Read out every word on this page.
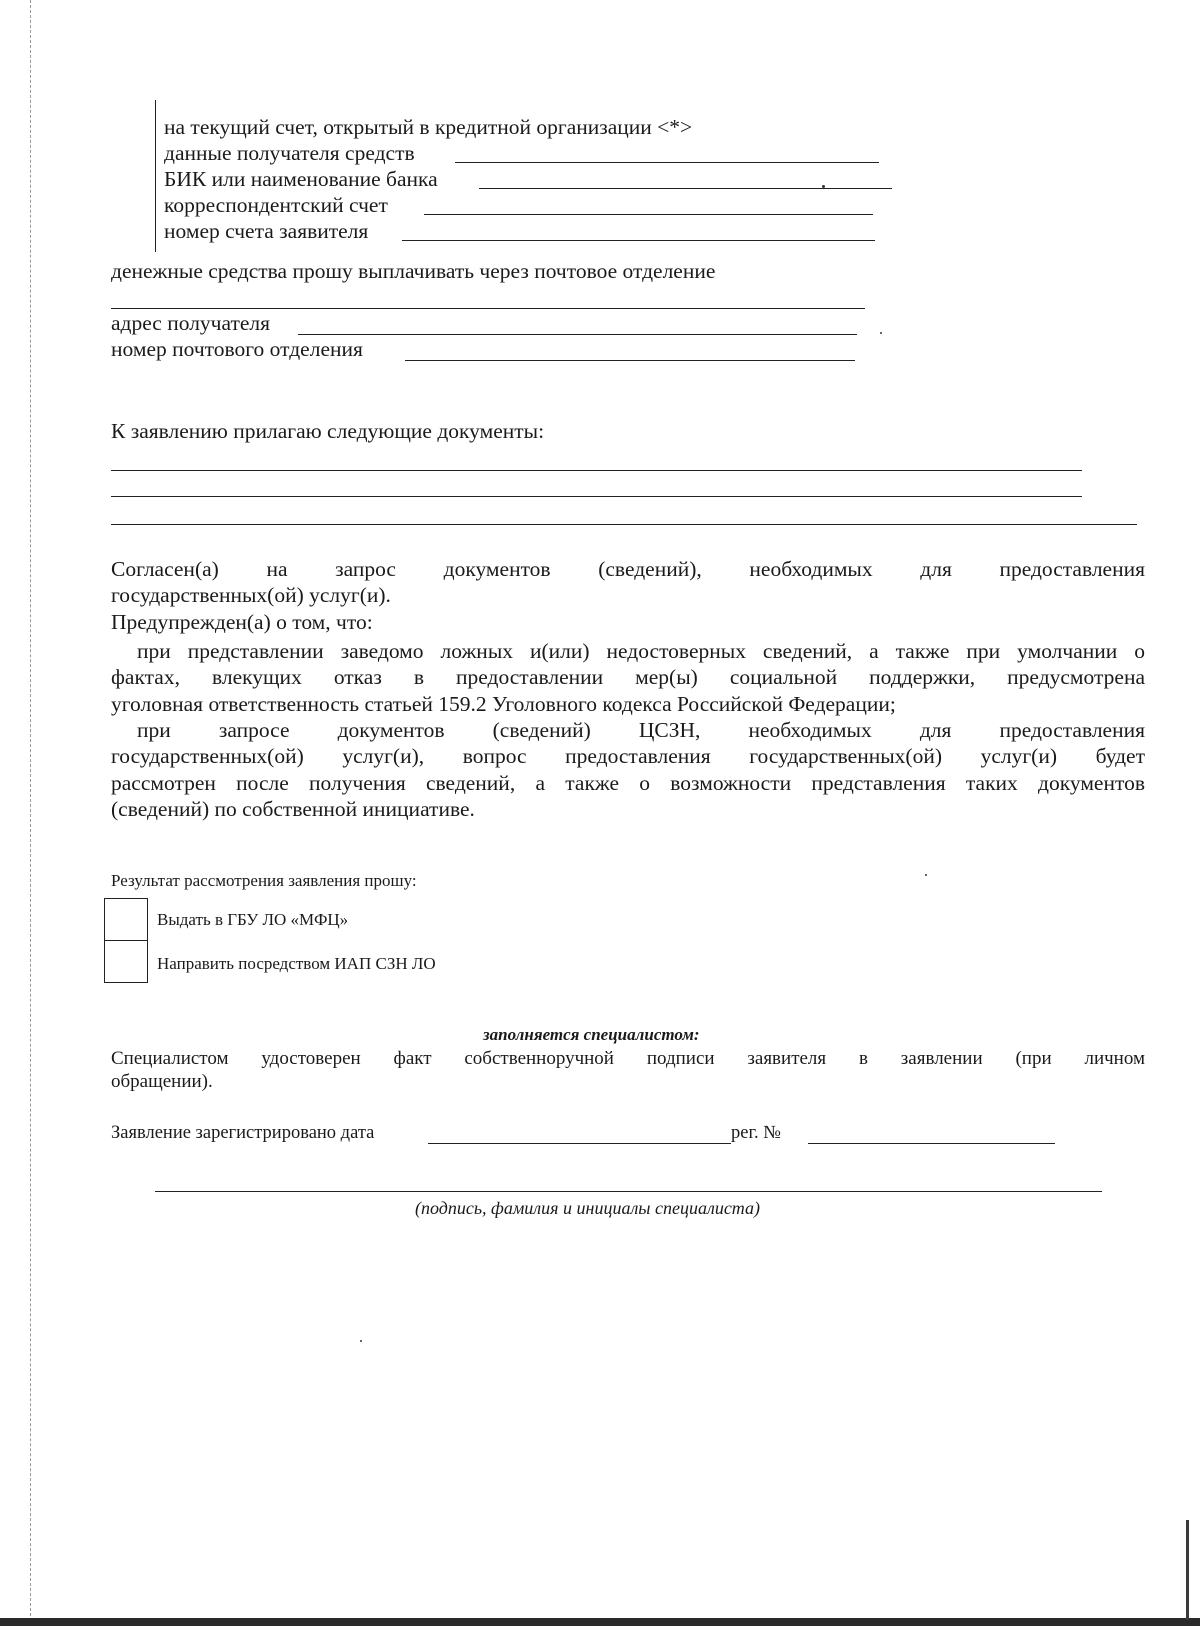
на текущий счет, открытый в кредитной организации <*>
данные получателя средств
БИК или наименование банка
корреспондентский счет
номер счета заявителя
денежные средства прошу выплачивать через почтовое отделение
адрес получателя
номер почтового отделения
К заявлению прилагаю следующие документы:
Согласен(а) на запрос документов (сведений), необходимых для предоставления
государственных(ой) услуг(и).
Предупрежден(а) о том, что:
при представлении заведомо ложных и(или) недостоверных сведений, а также при умолчании о
фактах, влекущих отказ в предоставлении мер(ы) социальной поддержки, предусмотрена
уголовная ответственность статьей 159.2 Уголовного кодекса Российской Федерации;
при запросе документов (сведений) ЦСЗН, необходимых для предоставления
государственных(ой) услуг(и), вопрос предоставления государственных(ой) услуг(и) будет
рассмотрен после получения сведений, а также о возможности представления таких документов
(сведений) по собственной инициативе.
Результат рассмотрения заявления прошу:
Выдать в ГБУ ЛО «МФЦ»
Направить посредством ИАП СЗН ЛО
заполняется специалистом:
Специалистом удостоверен факт собственноручной подписи заявителя в заявлении (при личном
обращении).
Заявление зарегистрировано дата	рег. №
(подпись, фамилия и инициалы специалиста)
